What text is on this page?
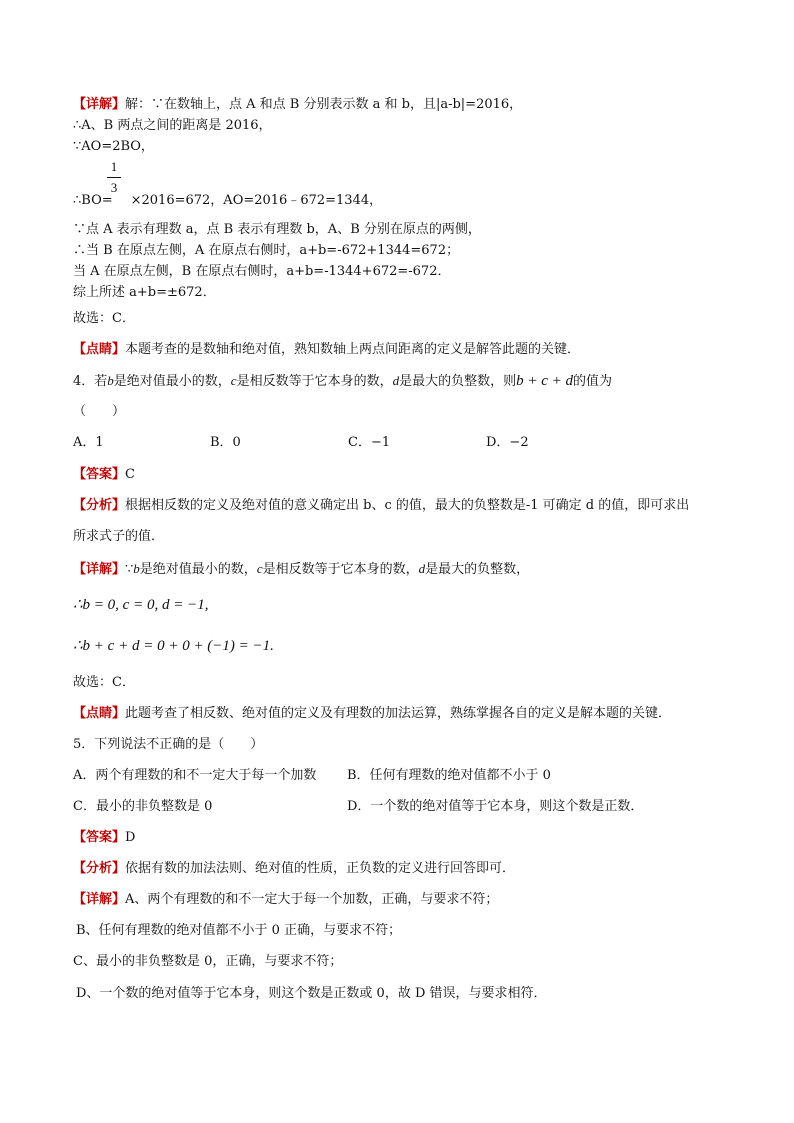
【详解】解：∵在数轴上，点 A 和点 B 分别表示数 a 和 b，且|a-b|=2016，
∴A、B 两点之间的距离是 2016，
∵AO=2BO，
1
3
∴BO= ×2016=672，AO=2016﹣672=1344，
∵点 A 表示有理数 a，点 B 表示有理数 b，A、B 分别在原点的两侧，
∴当 B 在原点左侧，A 在原点右侧时，a+b=-672+1344=672；
当 A 在原点左侧，B 在原点右侧时，a+b=-1344+672=-672．
综上所述 a+b=±672．
故选：C．
【点睛】本题考查的是数轴和绝对值，熟知数轴上两点间距离的定义是解答此题的关键．
4．若b是绝对值最小的数，c是相反数等于它本身的数，d是最大的负整数，则b + c + d的值为
（　　）
A．1	B．0	C．−1	D．−2
【答案】C
【分析】根据相反数的定义及绝对值的意义确定出 b、c 的值，最大的负整数是-1 可确定 d 的值，即可求出
所求式子的值．
【详解】∵b是绝对值最小的数，c是相反数等于它本身的数，d是最大的负整数，
∴b = 0, c = 0, d = −1,
∴b + c + d = 0 + 0 + (−1) = −1.
故选：C．
【点睛】此题考查了相反数、绝对值的定义及有理数的加法运算，熟练掌握各自的定义是解本题的关键．
5．下列说法不正确的是（　　）
A．两个有理数的和不一定大于每一个加数 B．任何有理数的绝对值都不小于 0
C．最小的非负整数是 0	D．一个数的绝对值等于它本身，则这个数是正数．
【答案】D
【分析】依据有数的加法法则、绝对值的性质，正负数的定义进行回答即可．
【详解】A、两个有理数的和不一定大于每一个加数，正确，与要求不符；
B、任何有理数的绝对值都不小于 0 正确，与要求不符；
C、最小的非负整数是 0，正确，与要求不符；
D、一个数的绝对值等于它本身，则这个数是正数或 0，故 D 错误，与要求相符．
